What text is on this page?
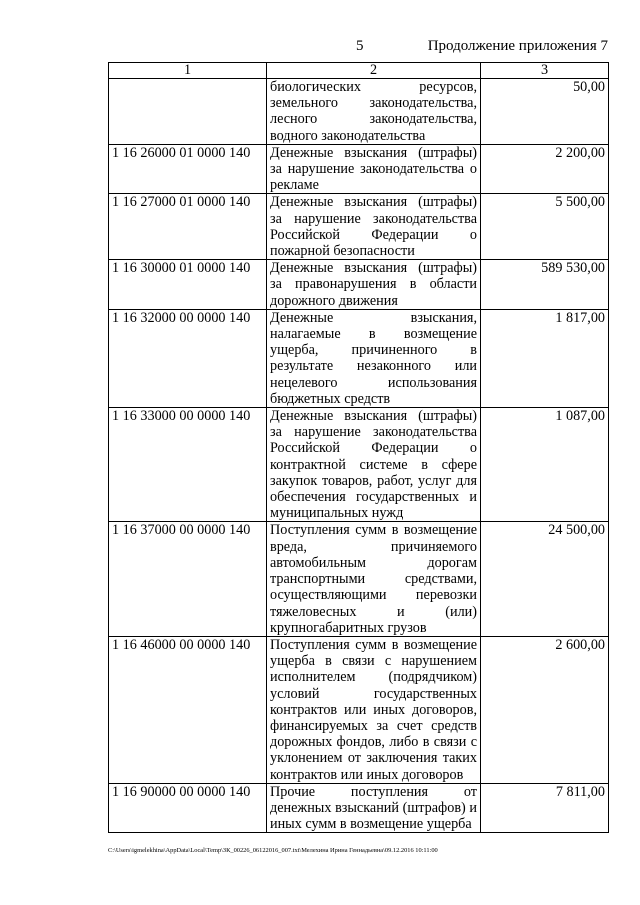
5	Продолжение приложения 7
1	2	3
	биологических ресурсов, земельного законодательства, лесного законодательства, водного законодательства	50,00
1 16 26000 01 0000 140	Денежные взыскания (штрафы) за нарушение законодательства о рекламе	2 200,00
1 16 27000 01 0000 140	Денежные взыскания (штрафы) за нарушение законодательства Российской Федерации о пожарной безопасности	5 500,00
1 16 30000 01 0000 140	Денежные взыскания (штрафы) за правонарушения в области дорожного движения	589 530,00
1 16 32000 00 0000 140	Денежные взыскания, налагаемые в возмещение ущерба, причиненного в результате незаконного или нецелевого использования бюджетных средств	1 817,00
1 16 33000 00 0000 140	Денежные взыскания (штрафы) за нарушение законодательства Российской Федерации о контрактной системе в сфере закупок товаров, работ, услуг для обеспечения государственных и муниципальных нужд	1 087,00
1 16 37000 00 0000 140	Поступления сумм в возмещение вреда, причиняемого автомобильным дорогам транспортными средствами, осуществляющими перевозки тяжеловесных и (или) крупногабаритных грузов	24 500,00
1 16 46000 00 0000 140	Поступления сумм в возмещение ущерба в связи с нарушением исполнителем (подрядчиком) условий государственных контрактов или иных договоров, финансируемых за счет средств дорожных фондов, либо в связи с уклонением от заключения таких контрактов или иных договоров	2 600,00
1 16 90000 00 0000 140	Прочие поступления от денежных взысканий (штрафов) и иных сумм в возмещение ущерба	7 811,00
C:\Users\igmelekhina\AppData\Local\Temp\ЗК_00226_06122016_007.txt\Мелехина Ирина Геннадьевна\09.12.2016 10:11:00
